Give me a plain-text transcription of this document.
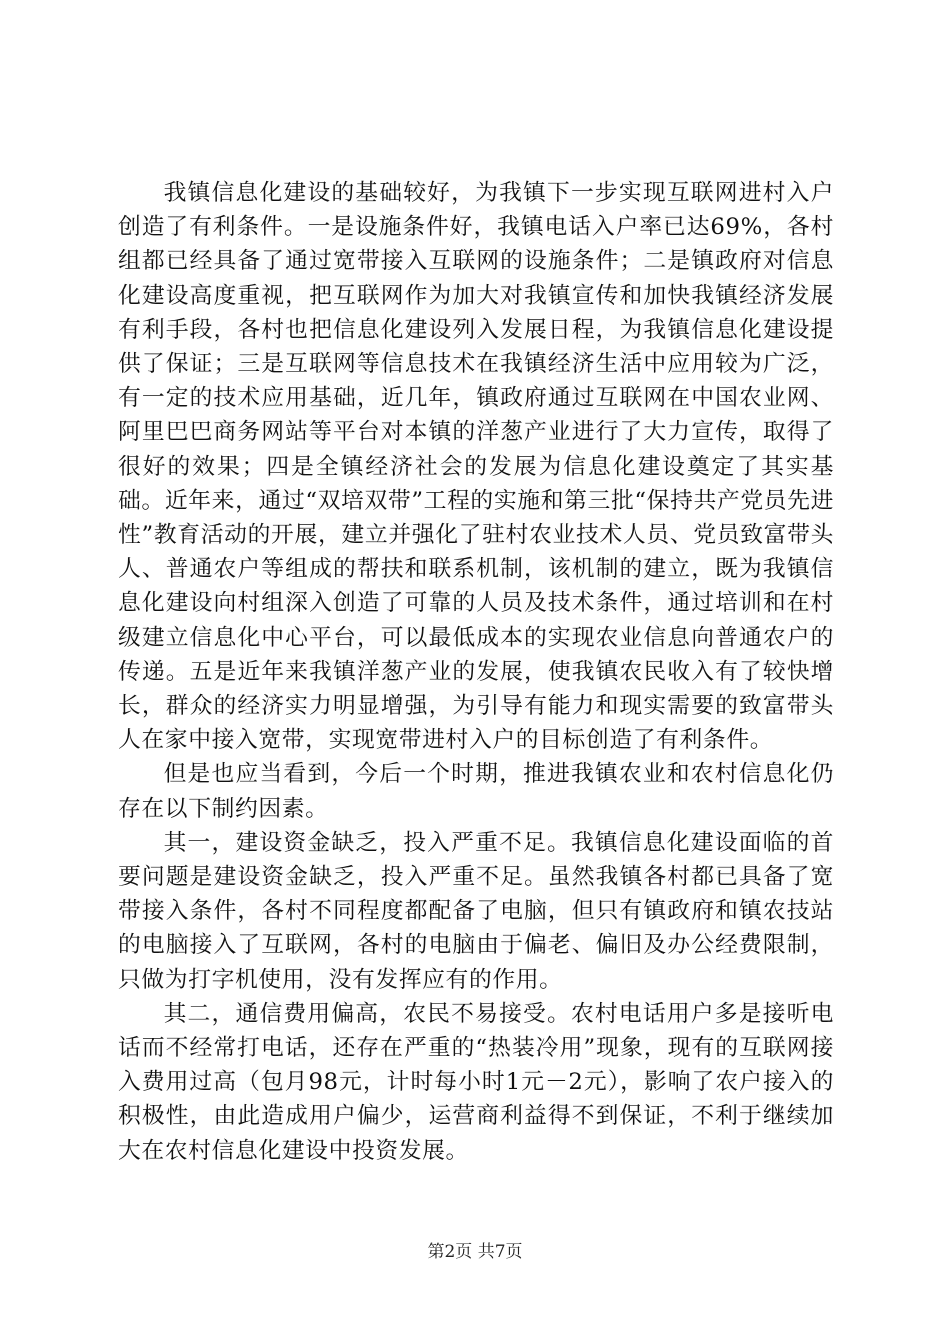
我镇信息化建设的基础较好，为我镇下一步实现互联网进村入户创造了有利条件。一是设施条件好，我镇电话入户率已达69%，各村组都已经具备了通过宽带接入互联网的设施条件；二是镇政府对信息化建设高度重视，把互联网作为加大对我镇宣传和加快我镇经济发展有利手段，各村也把信息化建设列入发展日程，为我镇信息化建设提供了保证；三是互联网等信息技术在我镇经济生活中应用较为广泛，有一定的技术应用基础，近几年，镇政府通过互联网在中国农业网、阿里巴巴商务网站等平台对本镇的洋葱产业进行了大力宣传，取得了很好的效果；四是全镇经济社会的发展为信息化建设奠定了其实基础。近年来，通过“双培双带”工程的实施和第三批“保持共产党员先进性”教育活动的开展，建立并强化了驻村农业技术人员、党员致富带头人、普通农户等组成的帮扶和联系机制，该机制的建立，既为我镇信息化建设向村组深入创造了可靠的人员及技术条件，通过培训和在村级建立信息化中心平台，可以最低成本的实现农业信息向普通农户的传递。五是近年来我镇洋葱产业的发展，使我镇农民收入有了较快增长，群众的经济实力明显增强，为引导有能力和现实需要的致富带头人在家中接入宽带，实现宽带进村入户的目标创造了有利条件。

但是也应当看到，今后一个时期，推进我镇农业和农村信息化仍存在以下制约因素。

其一，建设资金缺乏，投入严重不足。我镇信息化建设面临的首要问题是建设资金缺乏，投入严重不足。虽然我镇各村都已具备了宽带接入条件，各村不同程度都配备了电脑，但只有镇政府和镇农技站的电脑接入了互联网，各村的电脑由于偏老、偏旧及办公经费限制，只做为打字机使用，没有发挥应有的作用。

其二，通信费用偏高，农民不易接受。农村电话用户多是接听电话而不经常打电话，还存在严重的“热装冷用”现象，现有的互联网接入费用过高（包月98元，计时每小时1元－2元），影响了农户接入的积极性，由此造成用户偏少，运营商利益得不到保证，不利于继续加大在农村信息化建设中投资发展。

第2页 共7页
